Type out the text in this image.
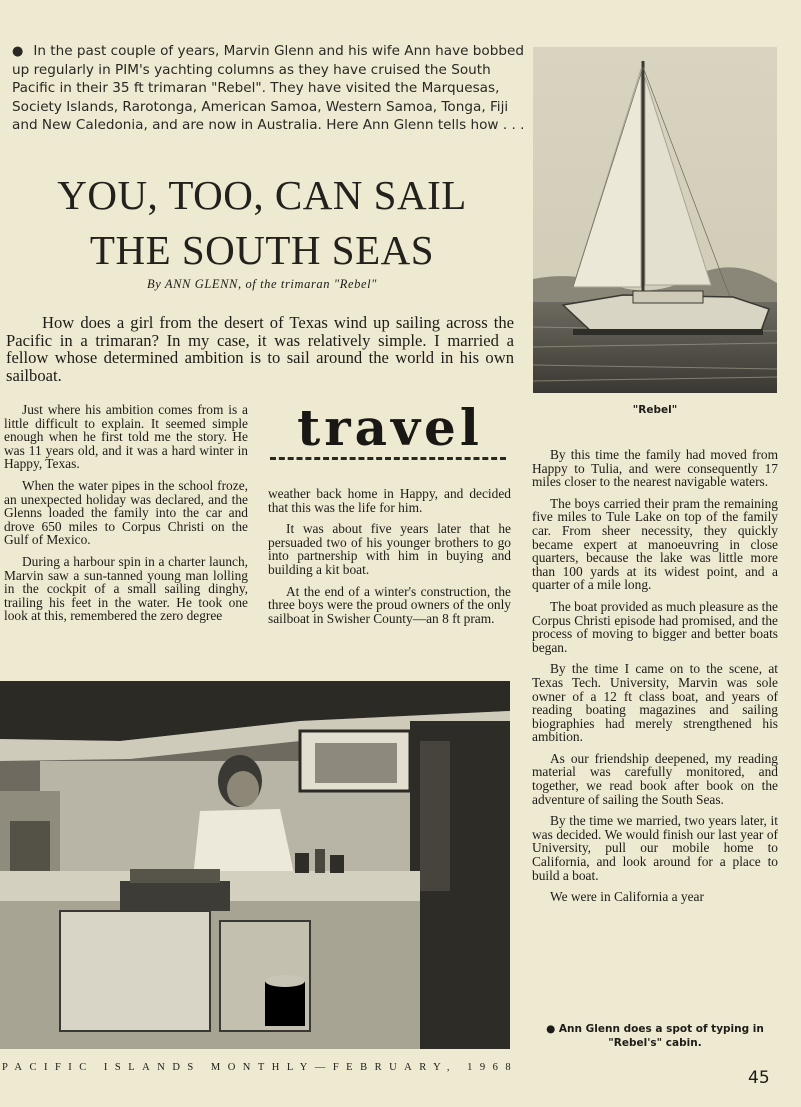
● In the past couple of years, Marvin Glenn and his wife Ann have bobbed up regularly in PIM's yachting columns as they have cruised the South Pacific in their 35 ft trimaran "Rebel". They have visited the Marquesas, Society Islands, Rarotonga, American Samoa, Western Samoa, Tonga, Fiji and New Caledonia, and are now in Australia. Here Ann Glenn tells how . . .
YOU, TOO, CAN SAIL
THE SOUTH SEAS
By ANN GLENN, of the trimaran "Rebel"

How does a girl from the desert of Texas wind up sailing across the Pacific in a trimaran? In my case, it was relatively simple. I married a fellow whose determined ambition is to sail around the world in his own sailboat.

travel

Just where his ambition comes from is a little difficult to explain. It seemed simple enough when he first told me the story. He was 11 years old, and it was a hard winter in Happy, Texas.

When the water pipes in the school froze, an unexpected holiday was declared, and the Glenns loaded the family into the car and drove 650 miles to Corpus Christi on the Gulf of Mexico.

During a harbour spin in a charter launch, Marvin saw a sun-tanned young man lolling in the cockpit of a small sailing dinghy, trailing his feet in the water. He took one look at this, remembered the zero degree

weather back home in Happy, and decided that this was the life for him.

It was about five years later that he persuaded two of his younger brothers to go into partnership with him in buying and building a kit boat.

At the end of a winter's construction, the three boys were the proud owners of the only sailboat in Swisher County—an 8 ft pram.

By this time the family had moved from Happy to Tulia, and were consequently 17 miles closer to the nearest navigable waters.

The boys carried their pram the remaining five miles to Tule Lake on top of the family car. From sheer necessity, they quickly became expert at manoeuvring in close quarters, because the lake was little more than 100 yards at its widest point, and a quarter of a mile long.

The boat provided as much pleasure as the Corpus Christi episode had promised, and the process of moving to bigger and better boats began.

By the time I came on to the scene, at Texas Tech. University, Marvin was sole owner of a 12 ft class boat, and years of reading boating magazines and sailing biographies had merely strengthened his ambition.

As our friendship deepened, my reading material was carefully monitored, and together, we read book after book on the adventure of sailing the South Seas.

By the time we married, two years later, it was decided. We would finish our last year of University, pull our mobile home to California, and look around for a place to build a boat.

We were in California a year

"Rebel"
● Ann Glenn does a spot of typing in
"Rebel's" cabin.
PACIFIC ISLANDS MONTHLY—FEBRUARY, 1968
45
